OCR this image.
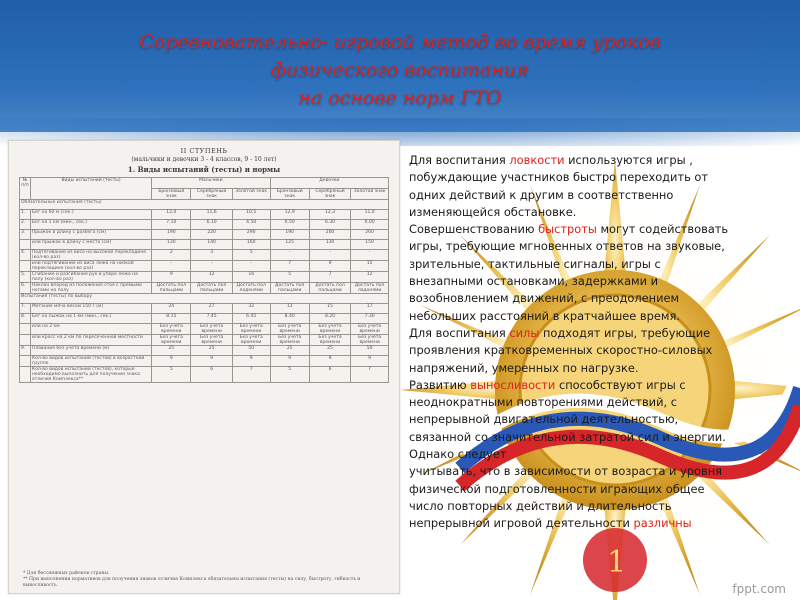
Соревновательно- игровой метод во время уроков
физического воспитания
на основе норм ГТО
1
II СТУПЕНЬ
(мальчики и девочки 3 - 4 классов, 9 - 10 лет)
1. Виды испытаний (тесты) и нормы
№ п/п	Виды испытаний (тесты)	Мальчики			Девочки		
		Бронзовый знак	Серебряный знак	Золотой знак	Бронзовый знак	Серебряный знак	Золотой знак
Обязательные испытания (тесты)							
1.	Бег на 60 м (сек.)	12,0	11,6	10,5	12,9	12,3	11,0
2.	Бег на 1 км (мин., сек.)	7.10	6.10	4.50	6.50	6.30	6.00
3.	Прыжок в длину с разбега (см)	190	220	290	190	200	260
	или прыжок в длину с места (см)	130	140	160	125	130	150
4.	Подтягивание из виса на высокой перекладине (кол-во раз)	2	3	5	-	-	-
	или подтягивание из виса лежа на низкой перекладине (кол-во раз)	-	-	-	7	9	15
5.	Сгибание и разгибание рук в упоре лежа на полу (кол-во раз)	9	12	16	5	7	12
6.	Наклон вперед из положения стоя с прямыми ногами на полу	Достать пол пальцами	Достать пол пальцами	Достать пол ладонями	Достать пол пальцами	Достать пол пальцами	Достать пол ладонями
Испытания (тесты) по выбору							
7.	Метание мяча весом 150 г (м)	24	27	32	13	15	17
8.	Бег на лыжах на 1 км (мин., сек.)	8.15	7.45	6.45	8.40	8.20	7.30
	или на 2 км	Без учета времени	Без учета времени	Без учета времени	Без учета времени	Без учета времени	Без учета времени
	или кросс на 2 км по пересеченной местности	Без учета времени	Без учета времени	Без учета времени	Без учета времени	Без учета времени	Без учета времени
9.	Плавание без учета времени (м)	25	25	50	25	25	50
	Кол-во видов испытаний (тестов) в возрастной группе	9	9	9	9	9	9
	Кол-во видов испытаний (тестов), которые необходимо выполнить для получения знака отличия Комплекса**	5	6	7	5	6	7
* Для бесснежных районов страны.
** При выполнении нормативов для получения знаков отличия Комплекса обязательны испытания (тесты) на силу, быстроту, гибкость и выносливость.
Для воспитания ловкости используются игры ,
побуждающие участников быстро переходить от
одних действий к другим в соответственно
изменяющейся обстановке.
Совершенствованию быстроты могут содействовать
игры, требующие мгновенных ответов на звуковые,
зрительные, тактильные сигналы, игры с
внезапными остановками, задержками и
возобновлением движений, с преодолением
небольших расстояний в кратчайшее время.
Для воспитания силы подходят игры, требующие
проявления кратковременных скоростно-силовых
напряжений, умеренных по нагрузке.
Развитию выносливости способствуют игры с
неоднократными повторениями действий, с
непрерывной двигательной деятельностью,
связанной со значительной затратой сил и энергии.
Однако следует
учитывать, что в зависимости от возраста и уровня
физической подготовленности играющих общее
число повторных действий и длительность
непрерывной игровой деятельности различны
fppt.com
